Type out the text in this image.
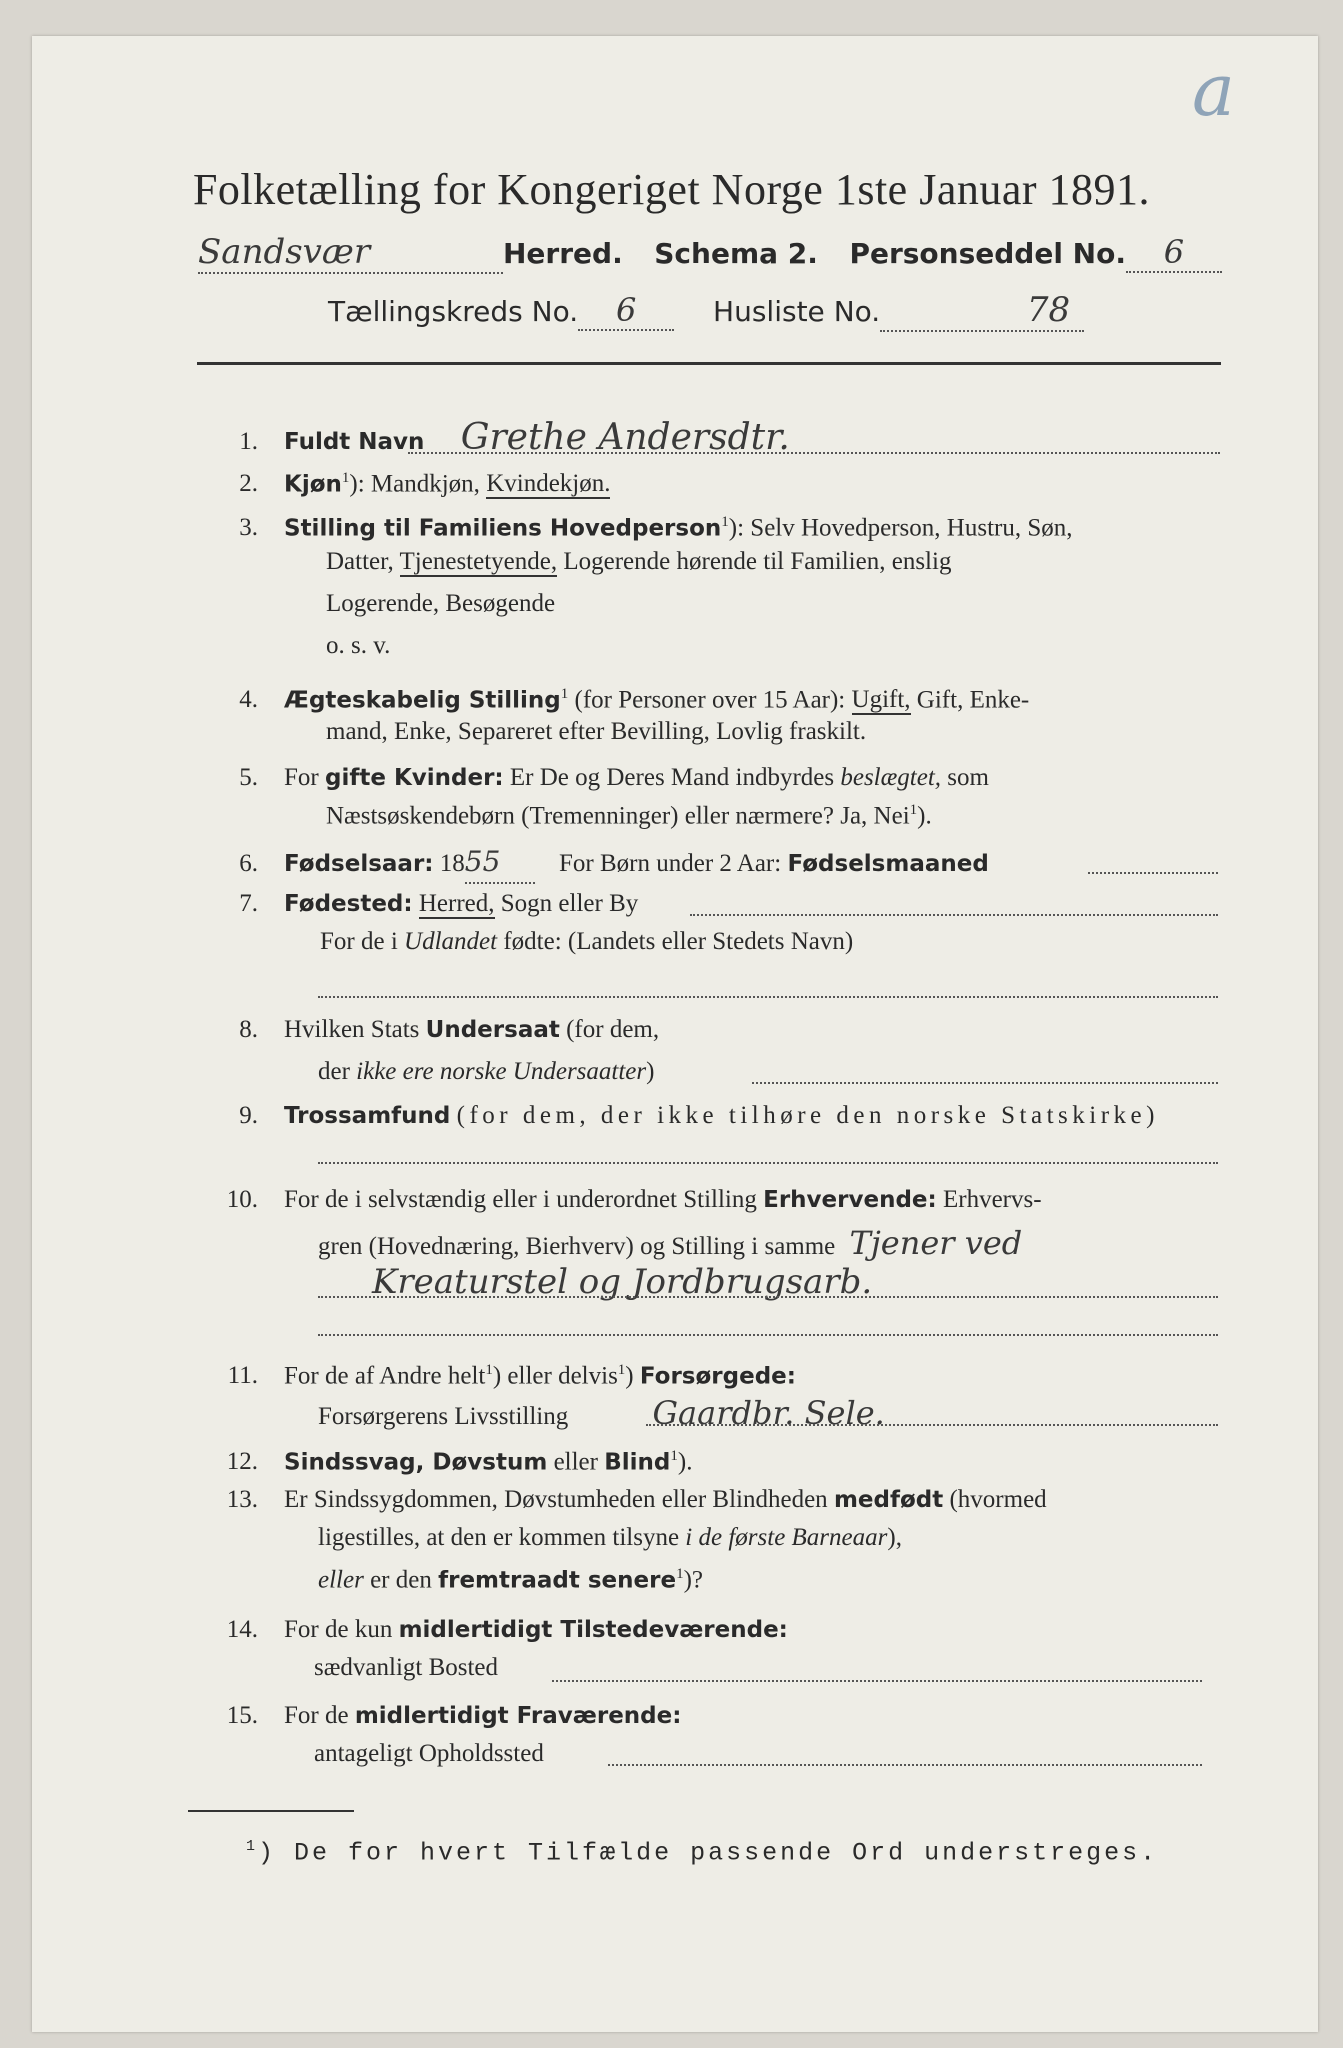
a
Folketælling for Kongeriget Norge 1ste Januar 1891.
Sandsvær	Herred. Schema 2. Personseddel No. 6
Tællingskreds No. 6	Husliste No.	78
1. Fuldt Navn Grethe Andersdtr.
2. Kjøn$^1$): Mandkjøn, Kvindekjøn.
3. Stilling til Familiens Hovedperson$^1$): Selv Hovedperson, Hustru, Søn,
Datter, Tjenestetyende, Logerende hørende til Familien, enslig
Logerende, Besøgende
o. s. v.
4. Ægteskabelig Stilling$^1$ (for Personer over 15 Aar): Ugift, Gift, Enke-
mand, Enke, Separeret efter Bevilling, Lovlig fraskilt.
5. For gifte Kvinder: Er De og Deres Mand indbyrdes beslægtet, som
Næstsøskendebørn (Tremenninger) eller nærmere? Ja, Nei$^1$).
6. Fødselsaar: 1855 For Børn under 2 Aar: Fødselsmaaned
7. Fødested: Herred, Sogn eller By
For de i Udlandet fødte: (Landets eller Stedets Navn)
8. Hvilken Stats Undersaat (for dem,
der ikke ere norske Undersaatter)
9. Trossamfund (for dem, der ikke tilhøre den norske Statskirke)
10. For de i selvstændig eller i underordnet Stilling Erhvervende: Erhvervs-
gren (Hovednæring, Bierhverv) og Stilling i samme Tjener ved
Kreaturstel og Jordbrugsarb.
11. For de af Andre helt$^1$) eller delvis$^1$) Forsørgede:
Forsørgerens Livsstilling	Gaardbr. Sele.
12. Sindssvag, Døvstum eller Blind$^1$).
13. Er Sindssygdommen, Døvstumheden eller Blindheden medfødt (hvormed
ligestilles, at den er kommen tilsyne i de første Barneaar),
eller er den fremtraadt senere$^1$)?
14. For de kun midlertidigt Tilstedeværende:
sædvanligt Bosted
15. For de midlertidigt Fraværende:
antageligt Opholdssted
$^1$) De for hvert Tilfælde passende Ord understreges.
